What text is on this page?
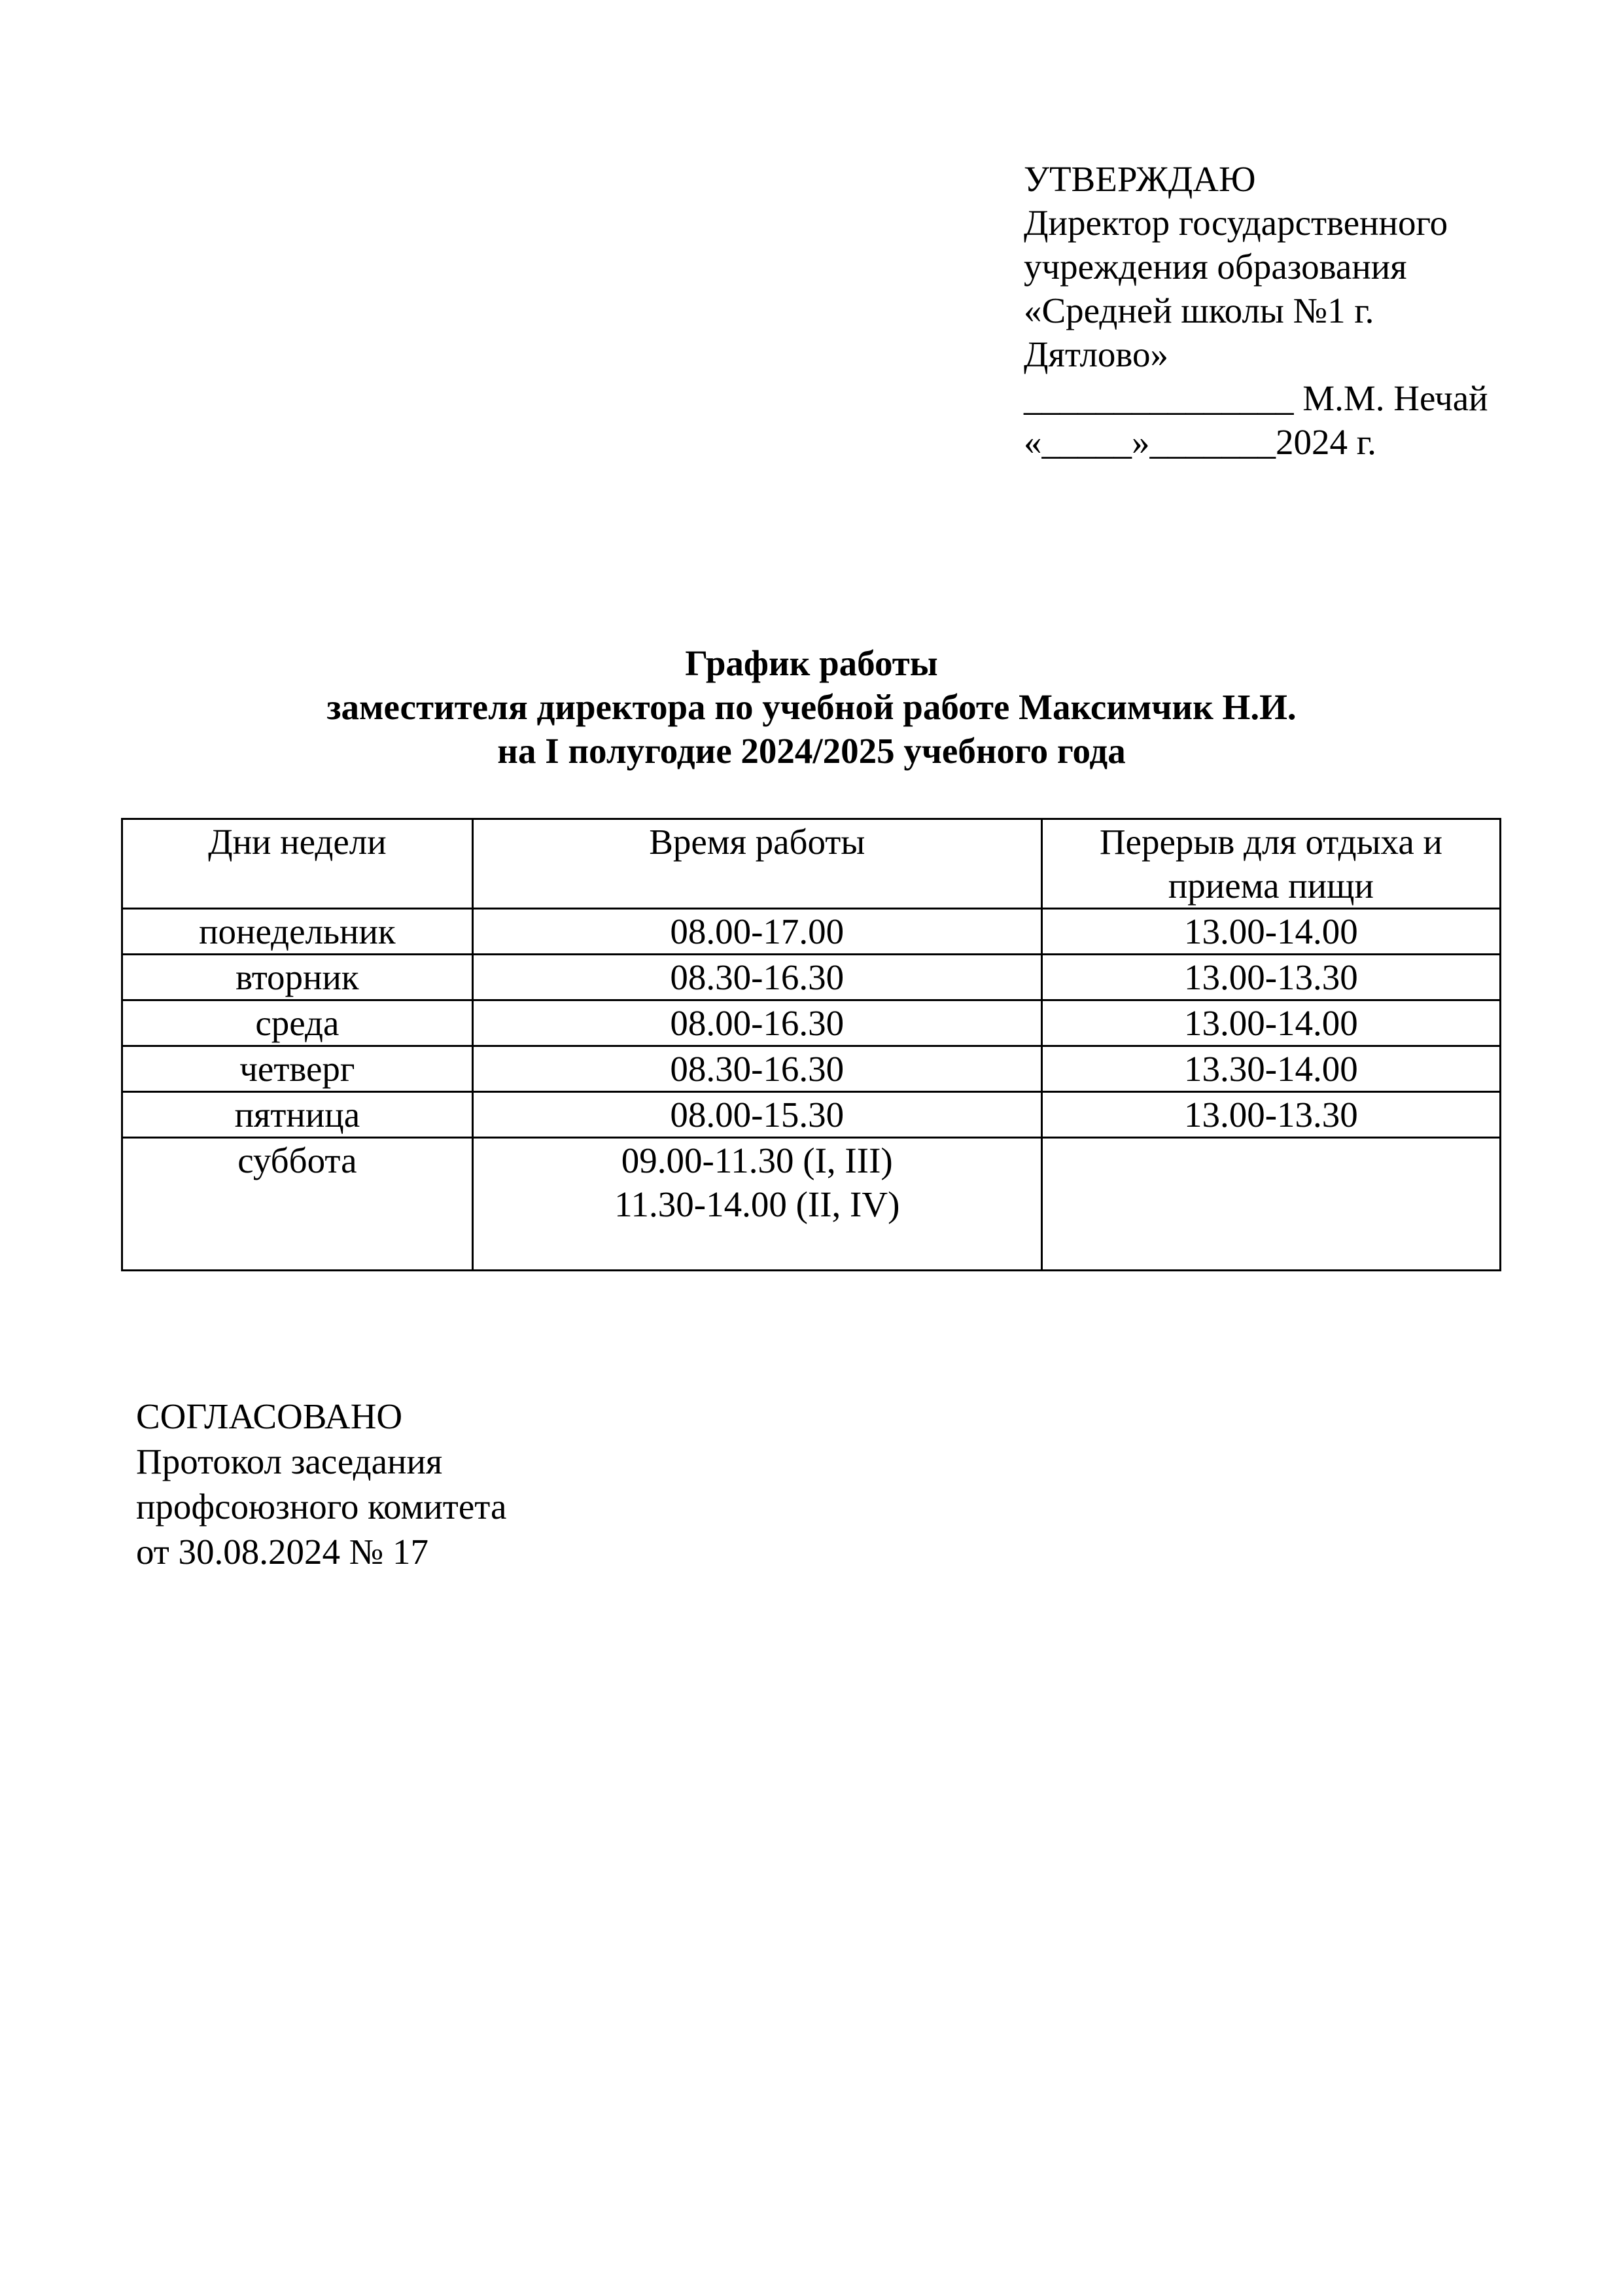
УТВЕРЖДАЮ
Директор государственного
учреждения образования
«Средней школы №1 г.
Дятлово»
_______________ М.М. Нечай
«_____»_______2024 г.
График работы
заместителя директора по учебной работе Максимчик Н.И.
на I полугодие 2024/2025 учебного года
Дни недели	Время работы	Перерыв для отдыха и приема пищи
понедельник	08.00-17.00	13.00-14.00
вторник	08.30-16.30	13.00-13.30
среда	08.00-16.30	13.00-14.00
четверг	08.30-16.30	13.30-14.00
пятница	08.00-15.30	13.00-13.30
суббота	09.00-11.30 (I, III)
11.30-14.00 (II, IV)	

СОГЛАСОВАНО
Протокол заседания
профсоюзного комитета
от 30.08.2024 № 17
